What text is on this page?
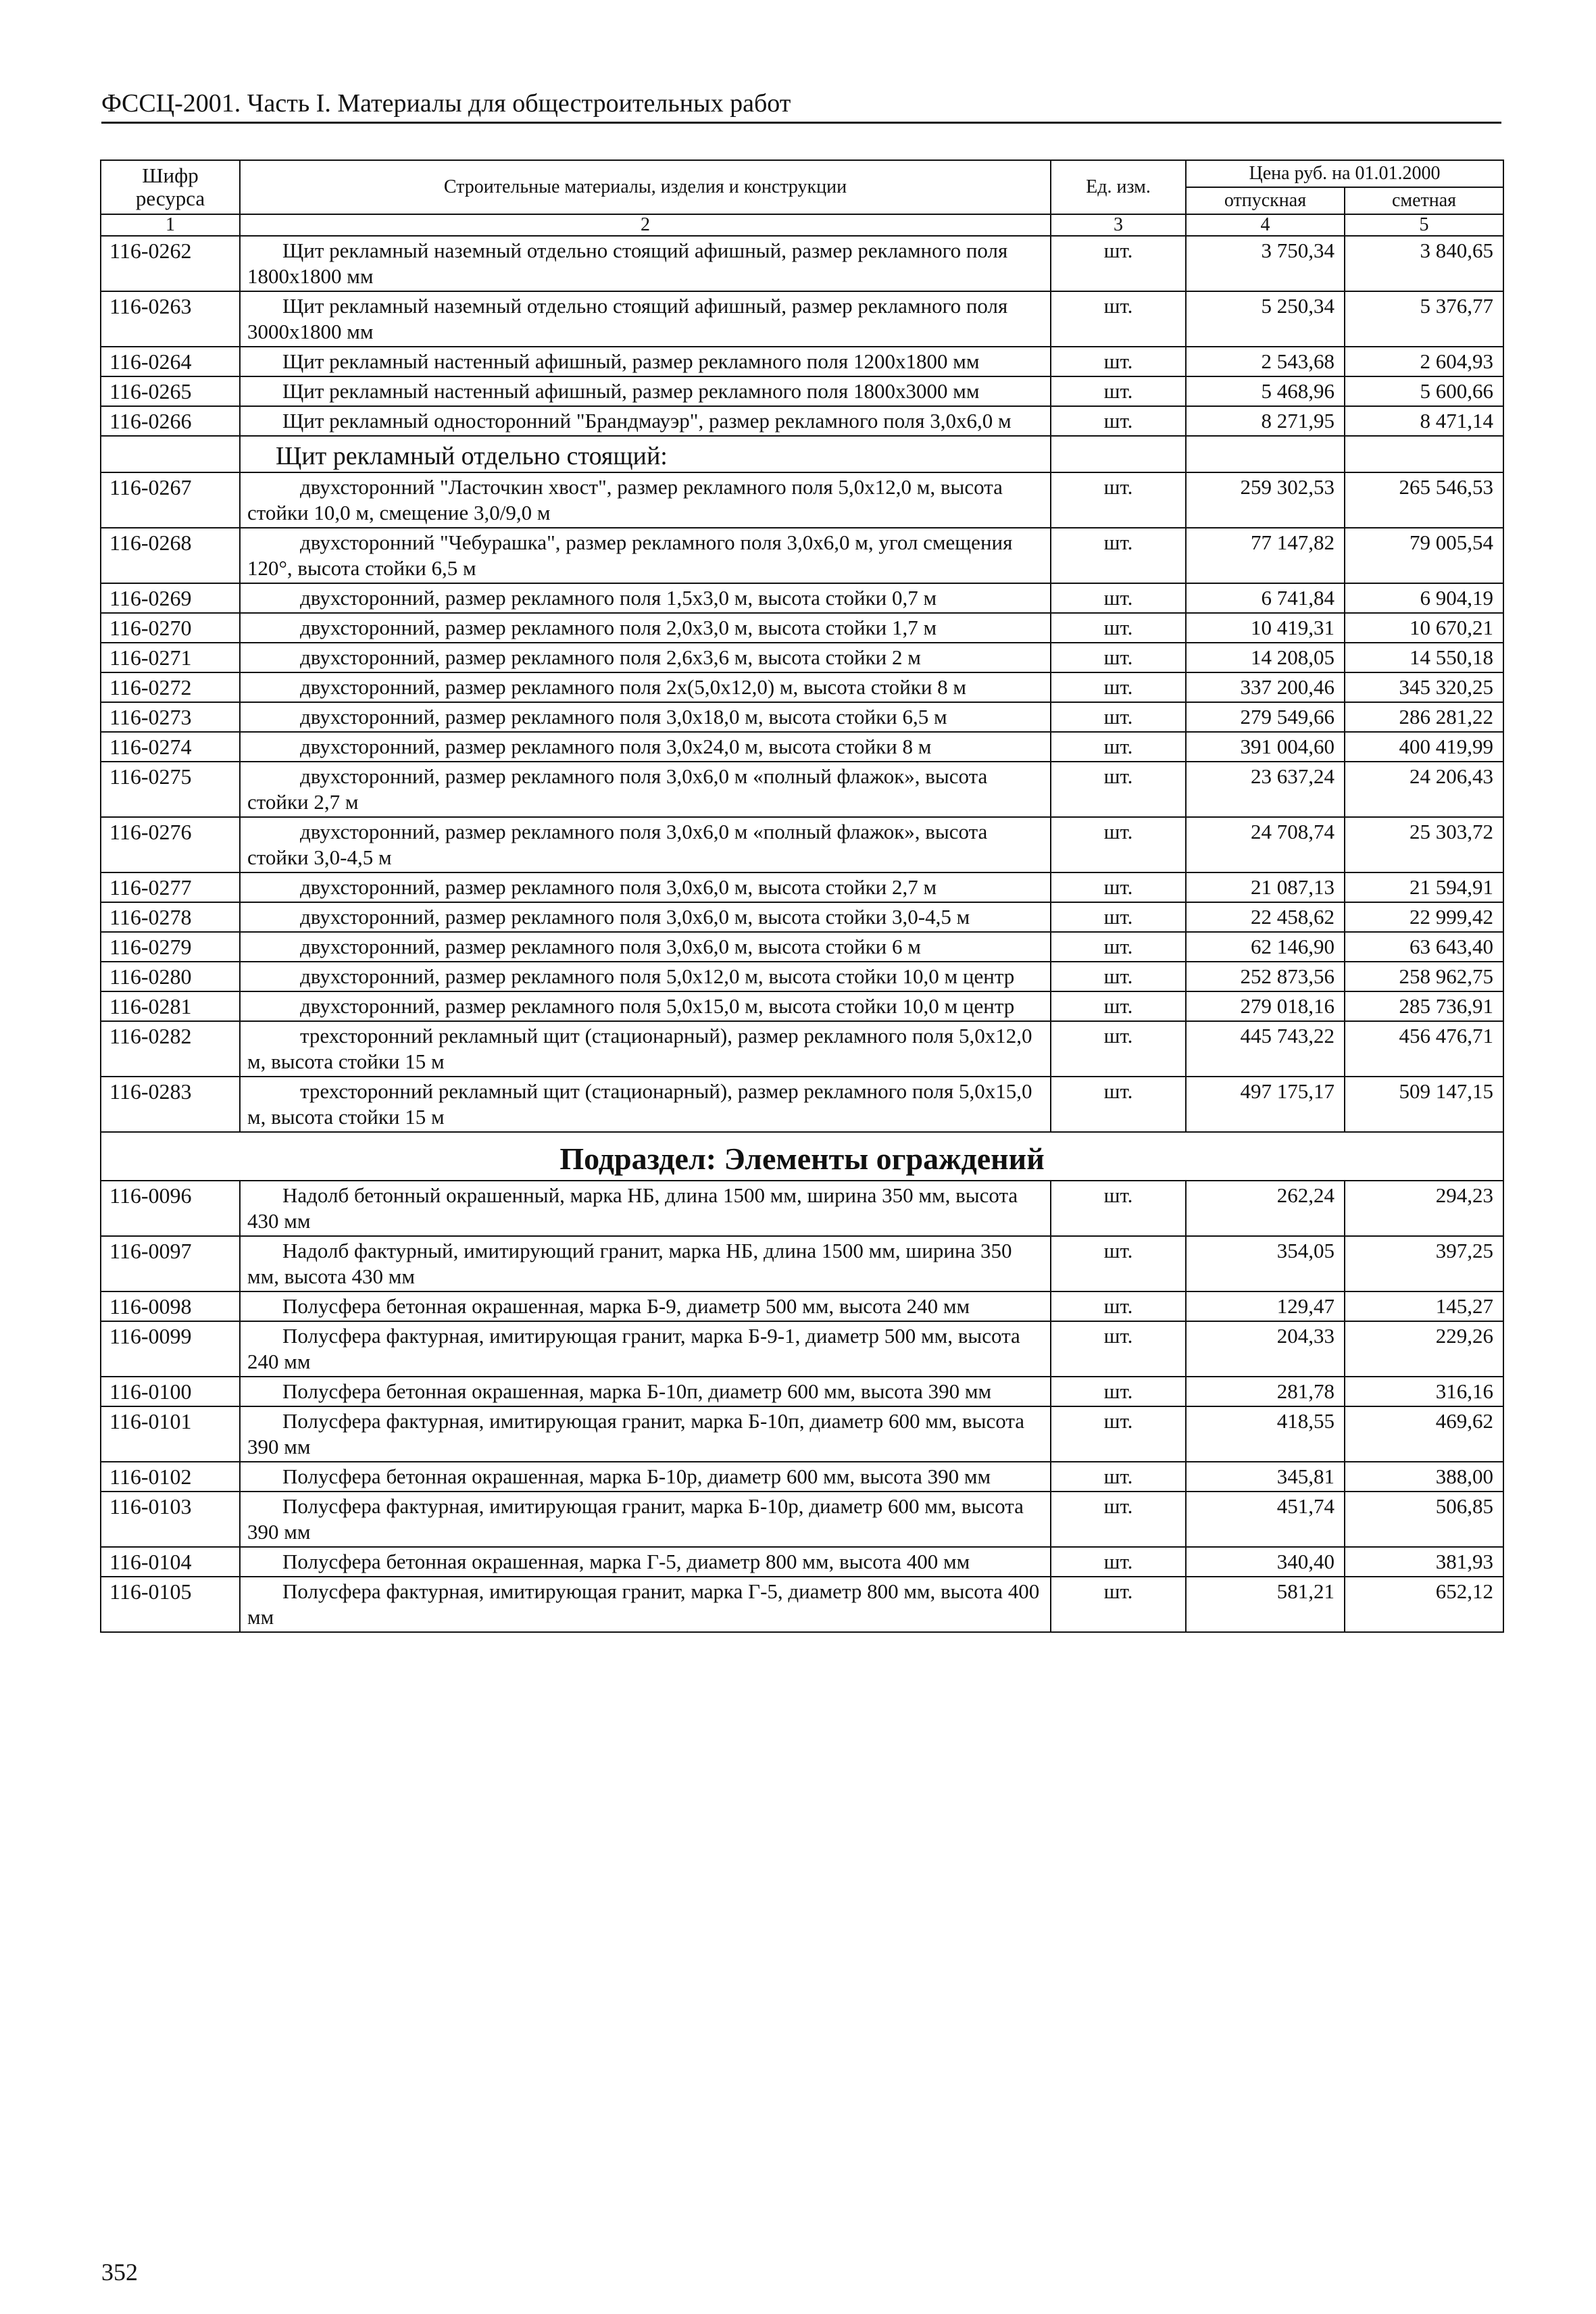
ФССЦ-2001. Часть I. Материалы для общестроительных работ
Шифр ресурса	Строительные материалы, изделия и конструкции	Ед. изм.	Цена руб. на 01.01.2000	
			отпускная	сметная
1	2	3	4	5
116-0262	Щит рекламный наземный отдельно стоящий афишный, размер рекламного поля 1800х1800 мм	шт.	3 750,34	3 840,65
116-0263	Щит рекламный наземный отдельно стоящий афишный, размер рекламного поля 3000х1800 мм	шт.	5 250,34	5 376,77
116-0264	Щит рекламный настенный афишный, размер рекламного поля 1200х1800 мм	шт.	2 543,68	2 604,93
116-0265	Щит рекламный настенный афишный, размер рекламного поля 1800х3000 мм	шт.	5 468,96	5 600,66
116-0266	Щит рекламный односторонний "Брандмауэр", размер рекламного поля 3,0х6,0 м	шт.	8 271,95	8 471,14
	Щит рекламный отдельно стоящий:			
116-0267	двухсторонний "Ласточкин хвост", размер рекламного поля 5,0х12,0 м, высота стойки 10,0 м, смещение 3,0/9,0 м	шт.	259 302,53	265 546,53
116-0268	двухсторонний "Чебурашка", размер рекламного поля 3,0х6,0 м, угол смещения 120°, высота стойки 6,5 м	шт.	77 147,82	79 005,54
116-0269	двухсторонний, размер рекламного поля 1,5х3,0 м, высота стойки 0,7 м	шт.	6 741,84	6 904,19
116-0270	двухсторонний, размер рекламного поля 2,0х3,0 м, высота стойки 1,7 м	шт.	10 419,31	10 670,21
116-0271	двухсторонний, размер рекламного поля 2,6х3,6 м, высота стойки 2 м	шт.	14 208,05	14 550,18
116-0272	двухсторонний, размер рекламного поля 2х(5,0х12,0) м, высота стойки 8 м	шт.	337 200,46	345 320,25
116-0273	двухсторонний, размер рекламного поля 3,0х18,0 м, высота стойки 6,5 м	шт.	279 549,66	286 281,22
116-0274	двухсторонний, размер рекламного поля 3,0х24,0 м, высота стойки 8 м	шт.	391 004,60	400 419,99
116-0275	двухсторонний, размер рекламного поля 3,0х6,0 м «полный флажок», высота стойки 2,7 м	шт.	23 637,24	24 206,43
116-0276	двухсторонний, размер рекламного поля 3,0х6,0 м «полный флажок», высота стойки 3,0-4,5 м	шт.	24 708,74	25 303,72
116-0277	двухсторонний, размер рекламного поля 3,0х6,0 м, высота стойки 2,7 м	шт.	21 087,13	21 594,91
116-0278	двухсторонний, размер рекламного поля 3,0х6,0 м, высота стойки 3,0-4,5 м	шт.	22 458,62	22 999,42
116-0279	двухсторонний, размер рекламного поля 3,0х6,0 м, высота стойки 6 м	шт.	62 146,90	63 643,40
116-0280	двухсторонний, размер рекламного поля 5,0х12,0 м, высота стойки 10,0 м центр	шт.	252 873,56	258 962,75
116-0281	двухсторонний, размер рекламного поля 5,0х15,0 м, высота стойки 10,0 м центр	шт.	279 018,16	285 736,91
116-0282	трехсторонний рекламный щит (стационарный), размер рекламного поля 5,0х12,0 м, высота стойки 15 м	шт.	445 743,22	456 476,71
116-0283	трехсторонний рекламный щит (стационарный), размер рекламного поля 5,0х15,0 м, высота стойки 15 м	шт.	497 175,17	509 147,15
Подраздел: Элементы ограждений				
116-0096	Надолб бетонный окрашенный, марка НБ, длина 1500 мм, ширина 350 мм, высота 430 мм	шт.	262,24	294,23
116-0097	Надолб фактурный, имитирующий гранит, марка НБ, длина 1500 мм, ширина 350 мм, высота 430 мм	шт.	354,05	397,25
116-0098	Полусфера бетонная окрашенная, марка Б-9, диаметр 500 мм, высота 240 мм	шт.	129,47	145,27
116-0099	Полусфера фактурная, имитирующая гранит, марка Б-9-1, диаметр 500 мм, высота 240 мм	шт.	204,33	229,26
116-0100	Полусфера бетонная окрашенная, марка Б-10п, диаметр 600 мм, высота 390 мм	шт.	281,78	316,16
116-0101	Полусфера фактурная, имитирующая гранит, марка Б-10п, диаметр 600 мм, высота 390 мм	шт.	418,55	469,62
116-0102	Полусфера бетонная окрашенная, марка Б-10р, диаметр 600 мм, высота 390 мм	шт.	345,81	388,00
116-0103	Полусфера фактурная, имитирующая гранит, марка Б-10р, диаметр 600 мм, высота 390 мм	шт.	451,74	506,85
116-0104	Полусфера бетонная окрашенная, марка Г-5, диаметр 800 мм, высота 400 мм	шт.	340,40	381,93
116-0105	Полусфера фактурная, имитирующая гранит, марка Г-5, диаметр 800 мм, высота 400 мм	шт.	581,21	652,12
352
